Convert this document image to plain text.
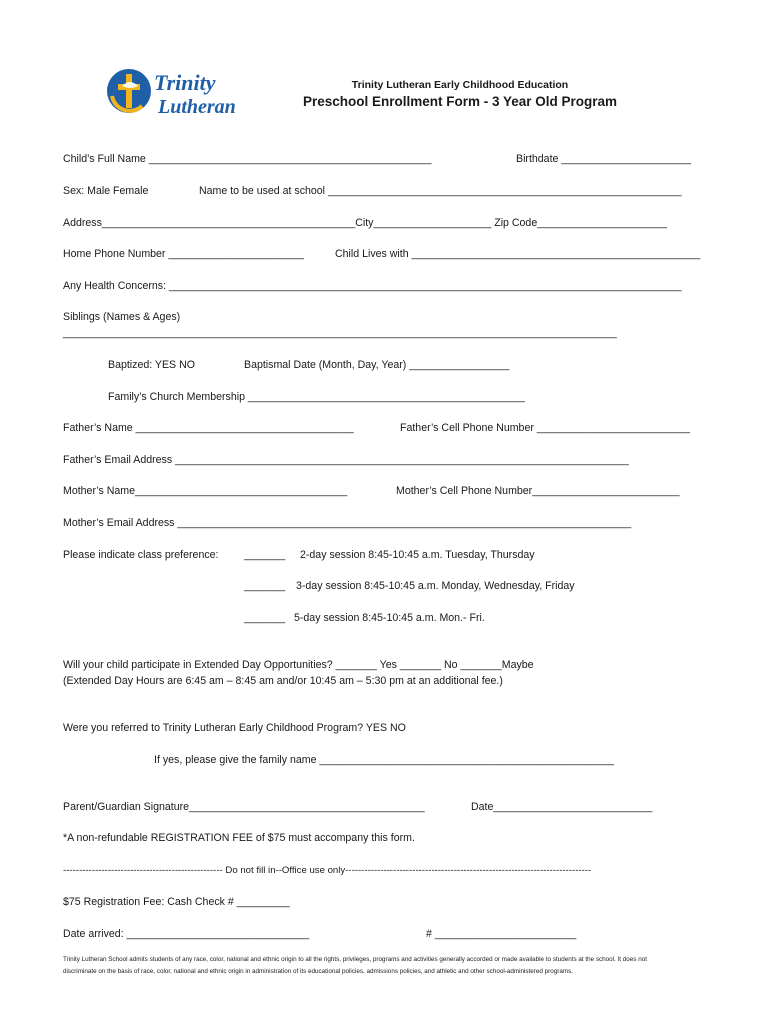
Trinity
Lutheran
Trinity Lutheran Early Childhood Education
Preschool Enrollment Form - 3 Year Old Program
Child’s Full Name ________________________________________________	Birthdate ______________________
Sex: Male Female	Name to be used at school ____________________________________________________________
Address___________________________________________City____________________ Zip Code______________________
Home Phone Number _______________________	Child Lives with _________________________________________________
Any Health Concerns: _______________________________________________________________________________________
Siblings (Names & Ages)
______________________________________________________________________________________________
Baptized: YES NO	Baptismal Date (Month, Day, Year) _________________
Family’s Church Membership _______________________________________________
Father’s Name _____________________________________	Father’s Cell Phone Number __________________________
Father’s Email Address _____________________________________________________________________________
Mother’s Name____________________________________	Mother’s Cell Phone Number_________________________
Mother’s Email Address _____________________________________________________________________________
Please indicate class preference: _______ 2-day session 8:45-10:45 a.m. Tuesday, Thursday
_______ 3-day session 8:45-10:45 a.m. Monday, Wednesday, Friday
_______ 5-day session 8:45-10:45 a.m. Mon.- Fri.
Will your child participate in Extended Day Opportunities? _______ Yes _______ No _______Maybe
(Extended Day Hours are 6:45 am – 8:45 am and/or 10:45 am – 5:30 pm at an additional fee.)
Were you referred to Trinity Lutheran Early Childhood Program? YES NO
If yes, please give the family name __________________________________________________
Parent/Guardian Signature________________________________________	Date___________________________
*A non-refundable REGISTRATION FEE of $75 must accompany this form.
-------------------------------------------------- Do not fill in--Office use only-----------------------------------------------------------------------------
$75 Registration Fee: Cash Check # _________
Date arrived: _______________________________	# ________________________
Trinity Lutheran School admits students of any race, color, national and ethnic origin to all the rights, privileges, programs and activities generally accorded or made available to students at the school. It does not
discriminate on the basis of race, color, national and ethnic origin in administration of its educational policies, admissions policies, and athletic and other school-administered programs.
